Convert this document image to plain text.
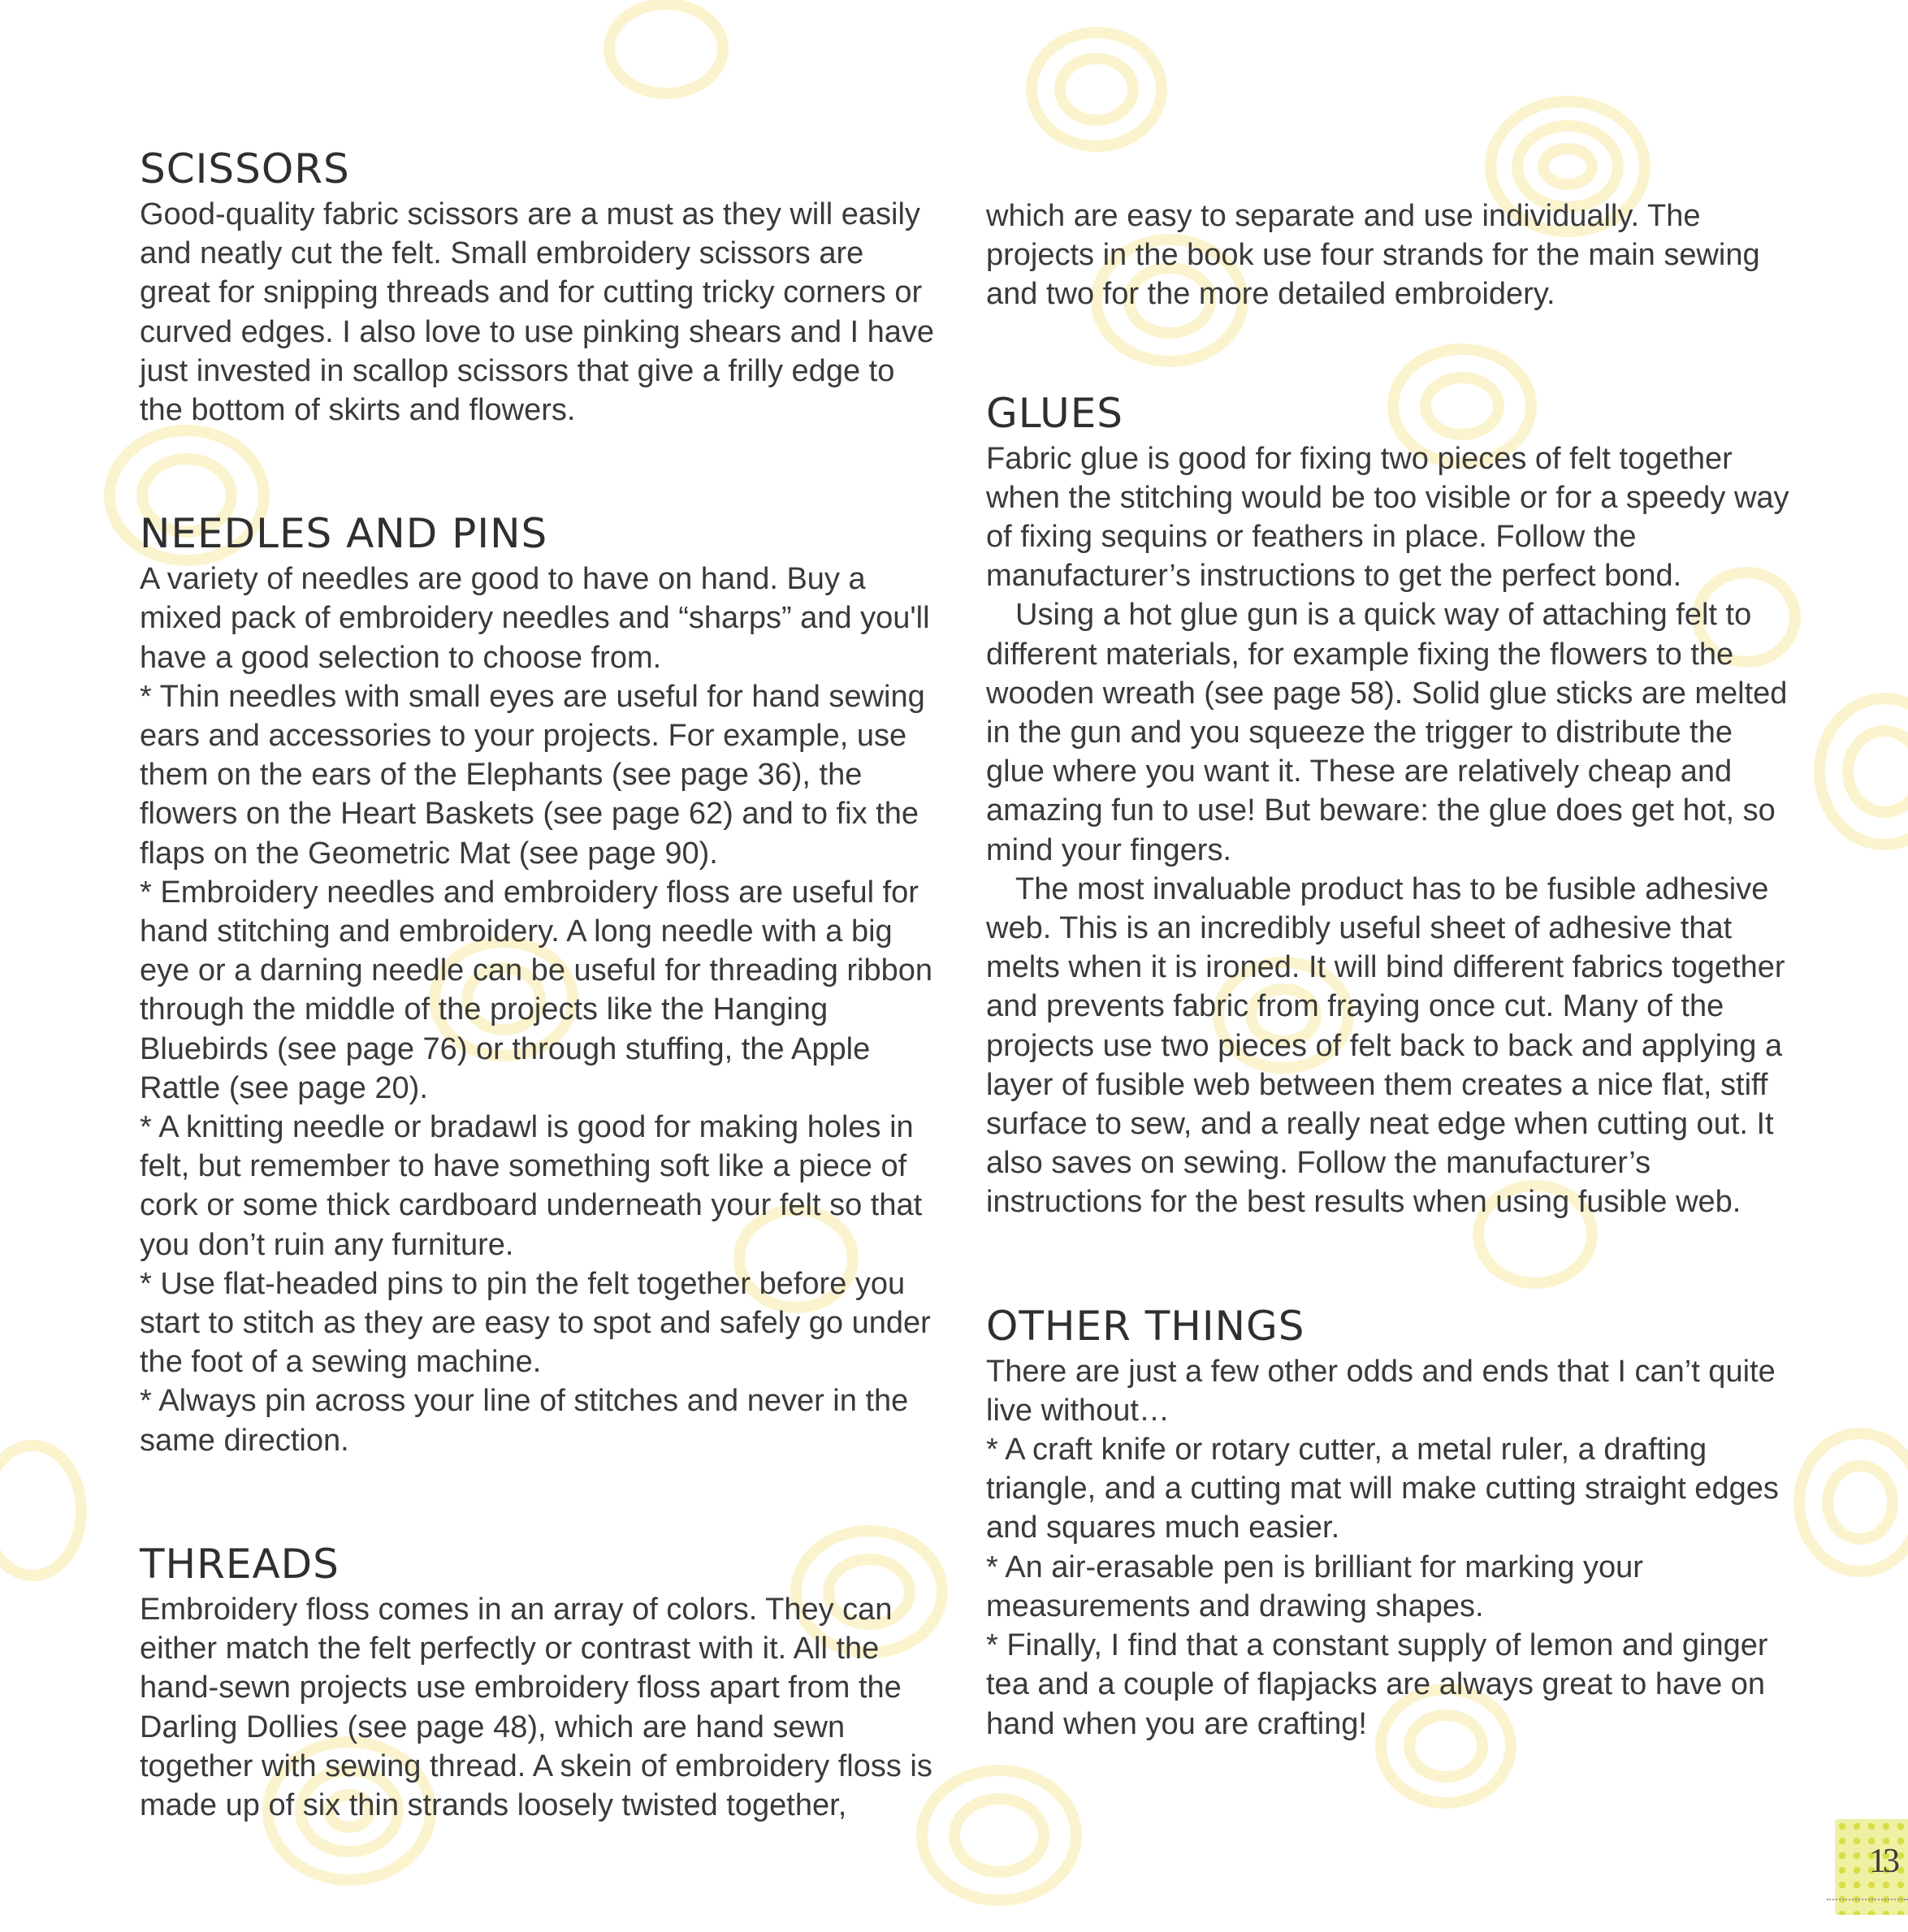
SCISSORS

Good-quality fabric scissors are a must as they will easily and neatly cut the felt. Small embroidery scissors are great for snipping threads and for cutting tricky corners or curved edges. I also love to use pinking shears and I have just invested in scallop scissors that give a frilly edge to the bottom of skirts and flowers.

NEEDLES AND PINS

A variety of needles are good to have on hand. Buy a mixed pack of embroidery needles and “sharps” and you'll have a good selection to choose from.

* Thin needles with small eyes are useful for hand sewing ears and accessories to your projects. For example, use them on the ears of the Elephants (see page 36), the flowers on the Heart Baskets (see page 62) and to fix the flaps on the Geometric Mat (see page 90).

* Embroidery needles and embroidery floss are useful for hand stitching and embroidery. A long needle with a big eye or a darning needle can be useful for threading ribbon through the middle of the projects like the Hanging Bluebirds (see page 76) or through stuffing, the Apple Rattle (see page 20).

* A knitting needle or bradawl is good for making holes in felt, but remember to have something soft like a piece of cork or some thick cardboard underneath your felt so that you don’t ruin any furniture.

* Use flat-headed pins to pin the felt together before you start to stitch as they are easy to spot and safely go under the foot of a sewing machine.

* Always pin across your line of stitches and never in the same direction.

THREADS

Embroidery floss comes in an array of colors. They can either match the felt perfectly or contrast with it. All the hand-sewn projects use embroidery floss apart from the Darling Dollies (see page 48), which are hand sewn together with sewing thread. A skein of embroidery floss is made up of six thin strands loosely twisted together,

which are easy to separate and use individually. The projects in the book use four strands for the main sewing and two for the more detailed embroidery.

GLUES

Fabric glue is good for fixing two pieces of felt together when the stitching would be too visible or for a speedy way of fixing sequins or feathers in place. Follow the manufacturer’s instructions to get the perfect bond.

Using a hot glue gun is a quick way of attaching felt to different materials, for example fixing the flowers to the wooden wreath (see page 58). Solid glue sticks are melted in the gun and you squeeze the trigger to distribute the glue where you want it. These are relatively cheap and amazing fun to use! But beware: the glue does get hot, so mind your fingers.

The most invaluable product has to be fusible adhesive web. This is an incredibly useful sheet of adhesive that melts when it is ironed. It will bind different fabrics together and prevents fabric from fraying once cut. Many of the projects use two pieces of felt back to back and applying a layer of fusible web between them creates a nice flat, stiff surface to sew, and a really neat edge when cutting out. It also saves on sewing. Follow the manufacturer’s instructions for the best results when using fusible web.

OTHER THINGS

There are just a few other odds and ends that I can’t quite live without…

* A craft knife or rotary cutter, a metal ruler, a drafting triangle, and a cutting mat will make cutting straight edges and squares much easier.

* An air-erasable pen is brilliant for marking your measurements and drawing shapes.

* Finally, I find that a constant supply of lemon and ginger tea and a couple of flapjacks are always great to have on hand when you are crafting!

13
